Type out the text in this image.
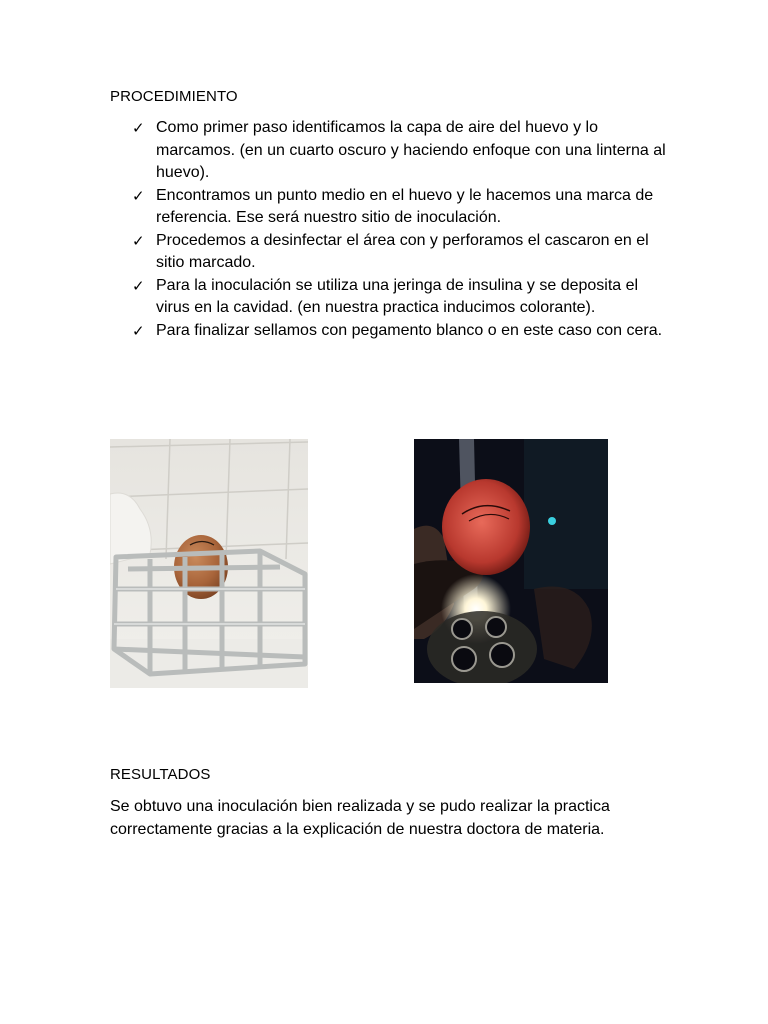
PROCEDIMIENTO
✓ Como primer paso identificamos la capa de aire del huevo y lo marcamos. (en un cuarto oscuro y haciendo enfoque con una linterna al huevo).
✓ Encontramos un punto medio en el huevo y le hacemos una marca de referencia. Ese será nuestro sitio de inoculación.
✓ Procedemos a desinfectar el área con y perforamos el cascaron en el sitio marcado.
✓ Para la inoculación se utiliza una jeringa de insulina y se deposita el virus en la cavidad. (en nuestra practica inducimos colorante).
✓ Para finalizar sellamos con pegamento blanco o en este caso con cera.
RESULTADOS
Se obtuvo una inoculación bien realizada y se pudo realizar la practica correctamente gracias a la explicación de nuestra doctora de materia.
